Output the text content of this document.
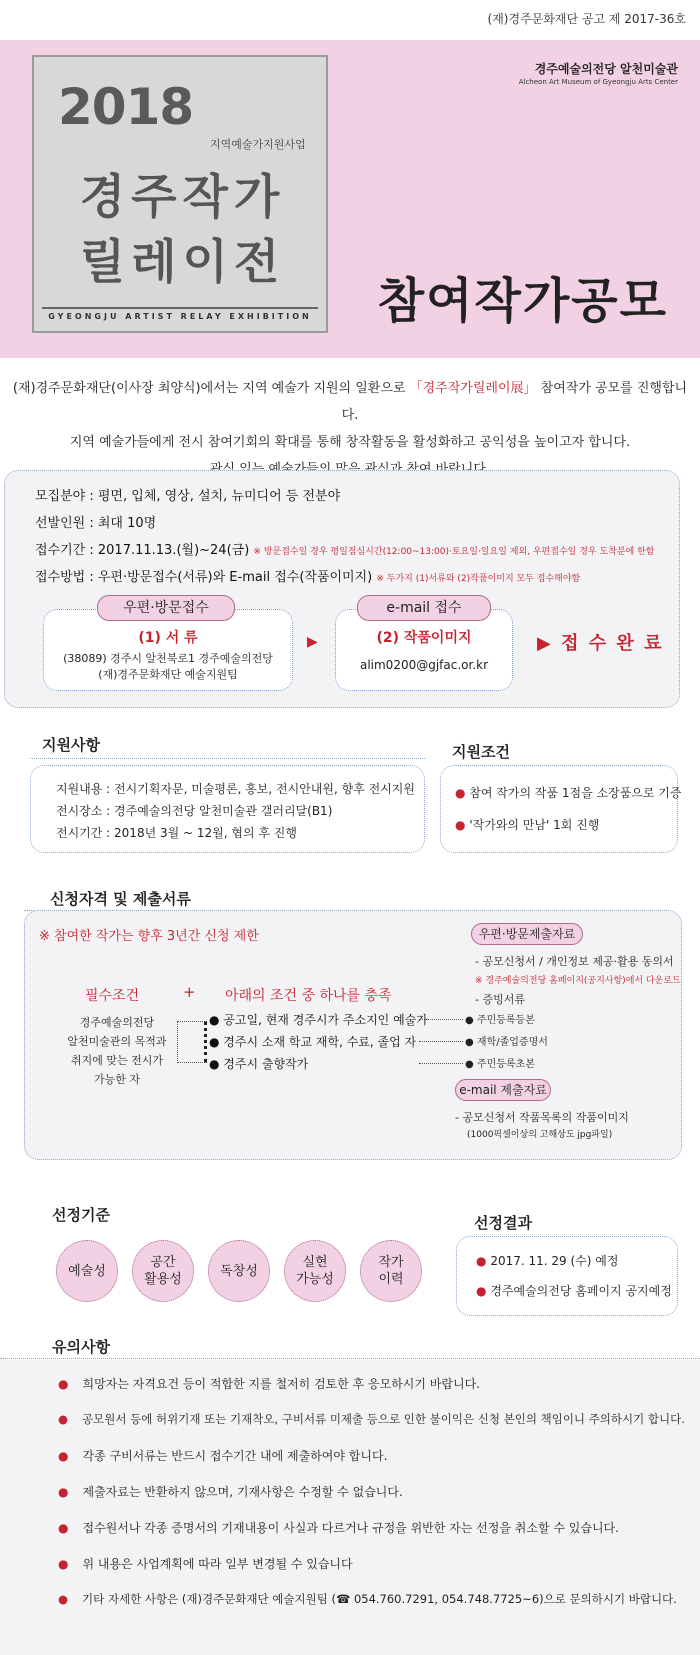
(재)경주문화재단 공고 제 2017-36호
2018
지역예술가지원사업
경주작가
릴레이전
GYEONGJU ARTIST RELAY EXHIBITION
경주예술의전당 알천미술관
Alcheon Art Museum of Gyeongju Arts Center
참여작가공모
(재)경주문화재단(이사장 최양식)에서는 지역 예술가 지원의 일환으로 「경주작가릴레이展」 참여작가 공모를 진행합니다.
지역 예술가들에게 전시 참여기회의 확대를 통해 창작활동을 활성화하고 공익성을 높이고자 합니다.
모집분야 : 평면, 입체, 영상, 설치, 뉴미디어 등 전분야
선발인원 : 최대 10명
접수기간 : 2017.11.13.(월)~24(금) ※ 방문접수일 경우 평일점심시간(12:00~13:00)·토요일·일요일 제외, 우편접수일 경우 도착분에 한함
접수방법 : 우편·방문접수(서류)와 E-mail 접수(작품이미지) ※ 두가지 (1)서류와 (2)작품이미지 모두 접수해야함
우편·방문접수
(1) 서 류
(38089) 경주시 알천북로1 경주예술의전당
(재)경주문화재단 예술지원팀
▶
e-mail 접수
(2) 작품이미지
alim0200@gjfac.or.kr
▶ 접 수 완 료
지원사항
지원내용 : 전시기획자문, 미술평론, 홍보, 전시안내원, 향후 전시지원
전시장소 : 경주예술의전당 알천미술관 갤러리달(B1)
전시기간 : 2018년 3월 ~ 12월, 협의 후 진행
지원조건
● 참여 작가의 작품 1점을 소장품으로 기증
● '작가와의 만남' 1회 진행
신청자격 및 제출서류
※ 참여한 작가는 향후 3년간 신청 제한
필수조건	+ 아래의 조건 중 하나를 충족
경주예술의전당
알천미술관의 목적과
취지에 맞는 전시가
가능한 자
● 공고일, 현재 경주시가 주소지인 예술가
● 경주시 소재 학교 재학, 수료, 졸업 자
● 경주시 출향작가
우편·방문제출자료
- 공모신청서 / 개인정보 제공·활용 동의서
※ 경주예술의전당 홈페이지(공지사항)에서 다운로드
- 증빙서류
● 주민등록등본
● 재학/졸업증명서
● 주민등록초본
e-mail 제출자료
- 공모신청서 작품목록의 작품이미지
(1000픽셀이상의 고해상도 jpg파일)
선정기준
예술성
공간
활용성
독창성
실현
가능성
작가
이력
선정결과
● 2017. 11. 29 (수) 예정
● 경주예술의전당 홈페이지 공지예정
유의사항
● 희망자는 자격요건 등이 적합한 지를 철저히 검토한 후 응모하시기 바랍니다.
● 공모원서 등에 허위기재 또는 기재착오, 구비서류 미제출 등으로 인한 불이익은 신청 본인의 책임이니 주의하시기 합니다.
● 각종 구비서류는 반드시 접수기간 내에 제출하여야 합니다.
● 제출자료는 반환하지 않으며, 기재사항은 수정할 수 없습니다.
● 접수원서나 각종 증명서의 기재내용이 사실과 다르거나 규정을 위반한 자는 선정을 취소할 수 있습니다.
● 위 내용은 사업계획에 따라 일부 변경될 수 있습니다
● 기타 자세한 사항은 (재)경주문화재단 예술지원팀 (☎ 054.760.7291, 054.748.7725~6)으로 문의하시기 바랍니다.
